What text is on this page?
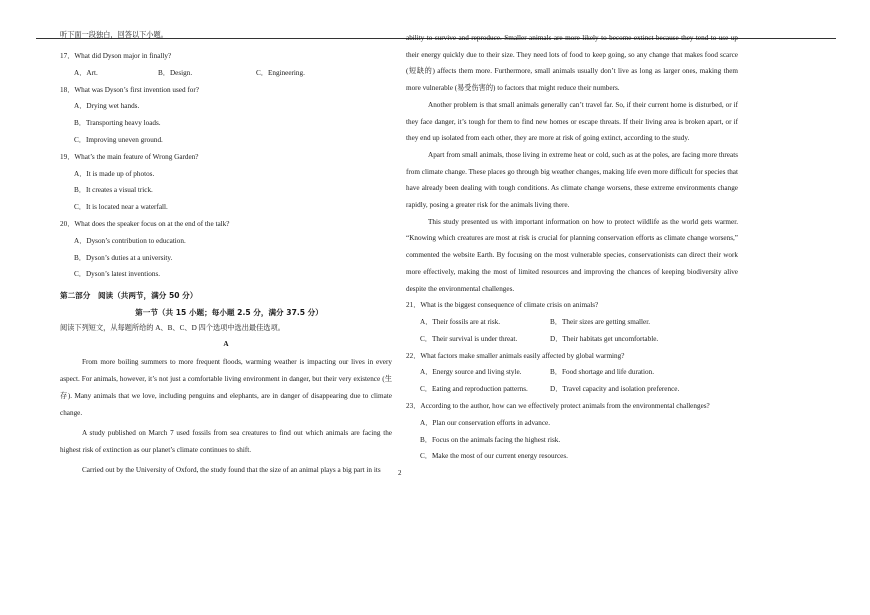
听下面一段独白，回答以下小题。
17．What did Dyson major in finally?
A．Art.	B．Design.	C．Engineering.
18．What was Dyson’s first invention used for?
A．Drying wet hands.
B．Transporting heavy loads.
C．Improving uneven ground.
19．What’s the main feature of Wrong Garden?
A．It is made up of photos.
B．It creates a visual trick.
C．It is located near a waterfall.
20．What does the speaker focus on at the end of the talk?
A．Dyson’s contribution to education.
B．Dyson’s duties at a university.
C．Dyson’s latest inventions.
第二部分　阅读（共两节，满分 50 分）
第一节（共 15 小题；每小题 2.5 分，满分 37.5 分）
阅读下列短文，从每题所给的 A、B、C、D 四个选项中选出最佳选项。
A

From more boiling summers to more frequent floods, warming weather is impacting our lives in every aspect. For animals, however, it’s not just a comfortable living environment in danger, but their very existence (生存). Many animals that we love, including penguins and elephants, are in danger of disappearing due to climate change.

A study published on March 7 used fossils from sea creatures to find out which animals are facing the highest risk of extinction as our planet’s climate continues to shift.

Carried out by the University of Oxford, the study found that the size of an animal plays a big part in its

ability to survive and reproduce. Smaller animals are more likely to become extinct because they tend to use up their energy quickly due to their size. They need lots of food to keep going, so any change that makes food scarce (短缺的) affects them more. Furthermore, small animals usually don’t live as long as larger ones, making them more vulnerable (易受伤害的) to factors that might reduce their numbers.

Another problem is that small animals generally can’t travel far. So, if their current home is disturbed, or if they face danger, it’s tough for them to find new homes or escape threats. If their living area is broken apart, or if they end up isolated from each other, they are more at risk of going extinct, according to the study.

Apart from small animals, those living in extreme heat or cold, such as at the poles, are facing more threats from climate change. These places go through big weather changes, making life even more difficult for species that have already been dealing with tough conditions. As climate change worsens, these extreme environments change rapidly, posing a greater risk for the animals living there.

This study presented us with important information on how to protect wildlife as the world gets warmer. “Knowing which creatures are most at risk is crucial for planning conservation efforts as climate change worsens,” commented the website Earth. By focusing on the most vulnerable species, conservationists can direct their work more effectively, making the most of limited resources and improving the chances of keeping biodiversity alive despite the environmental challenges.

21．What is the biggest consequence of climate crisis on animals?
A．Their fossils are at risk.	B．Their sizes are getting smaller.
C．Their survival is under threat.	D．Their habitats get uncomfortable.
22．What factors make smaller animals easily affected by global warming?
A．Energy source and living style.	B．Food shortage and life duration.
C．Eating and reproduction patterns.	D．Travel capacity and isolation preference.
23．According to the author, how can we effectively protect animals from the environmental challenges?
A．Plan our conservation efforts in advance.
B．Focus on the animals facing the highest risk.
C．Make the most of our current energy resources.
2
